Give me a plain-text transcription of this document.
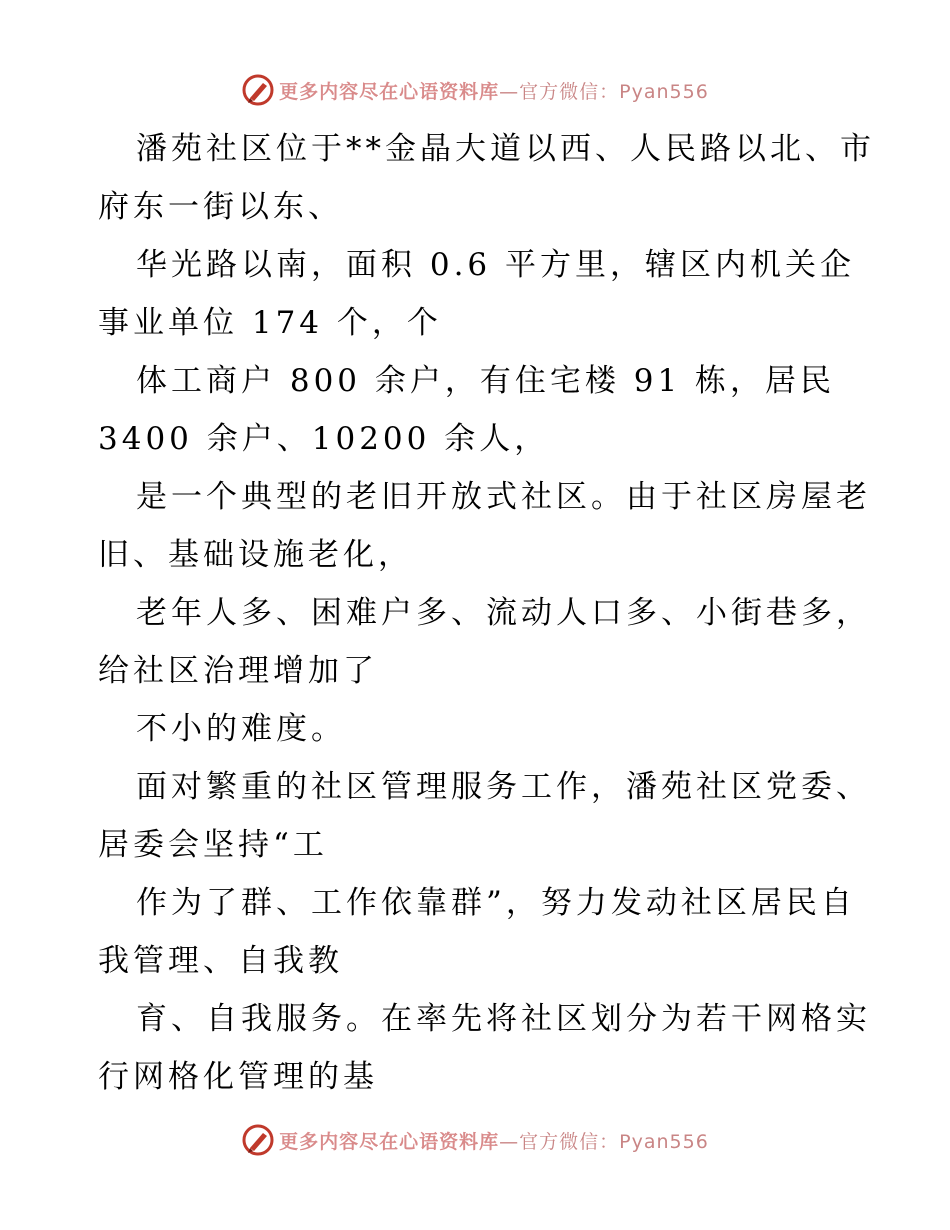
更多内容尽在心语资料库—官方微信：Pyan556
潘苑社区位于**金晶大道以西、人民路以北、市
府东一街以东、
华光路以南，面积 0.6 平方里，辖区内机关企
事业单位 174 个，个
体工商户 800 余户，有住宅楼 91 栋，居民
3400 余户、10200 余人，
是一个典型的老旧开放式社区。由于社区房屋老
旧、基础设施老化，
老年人多、困难户多、流动人口多、小街巷多，
给社区治理增加了
不小的难度。
面对繁重的社区管理服务工作，潘苑社区党委、
居委会坚持“工
作为了群、工作依靠群”，努力发动社区居民自
我管理、自我教
育、自我服务。在率先将社区划分为若干网格实
行网格化管理的基
更多内容尽在心语资料库—官方微信：Pyan556
